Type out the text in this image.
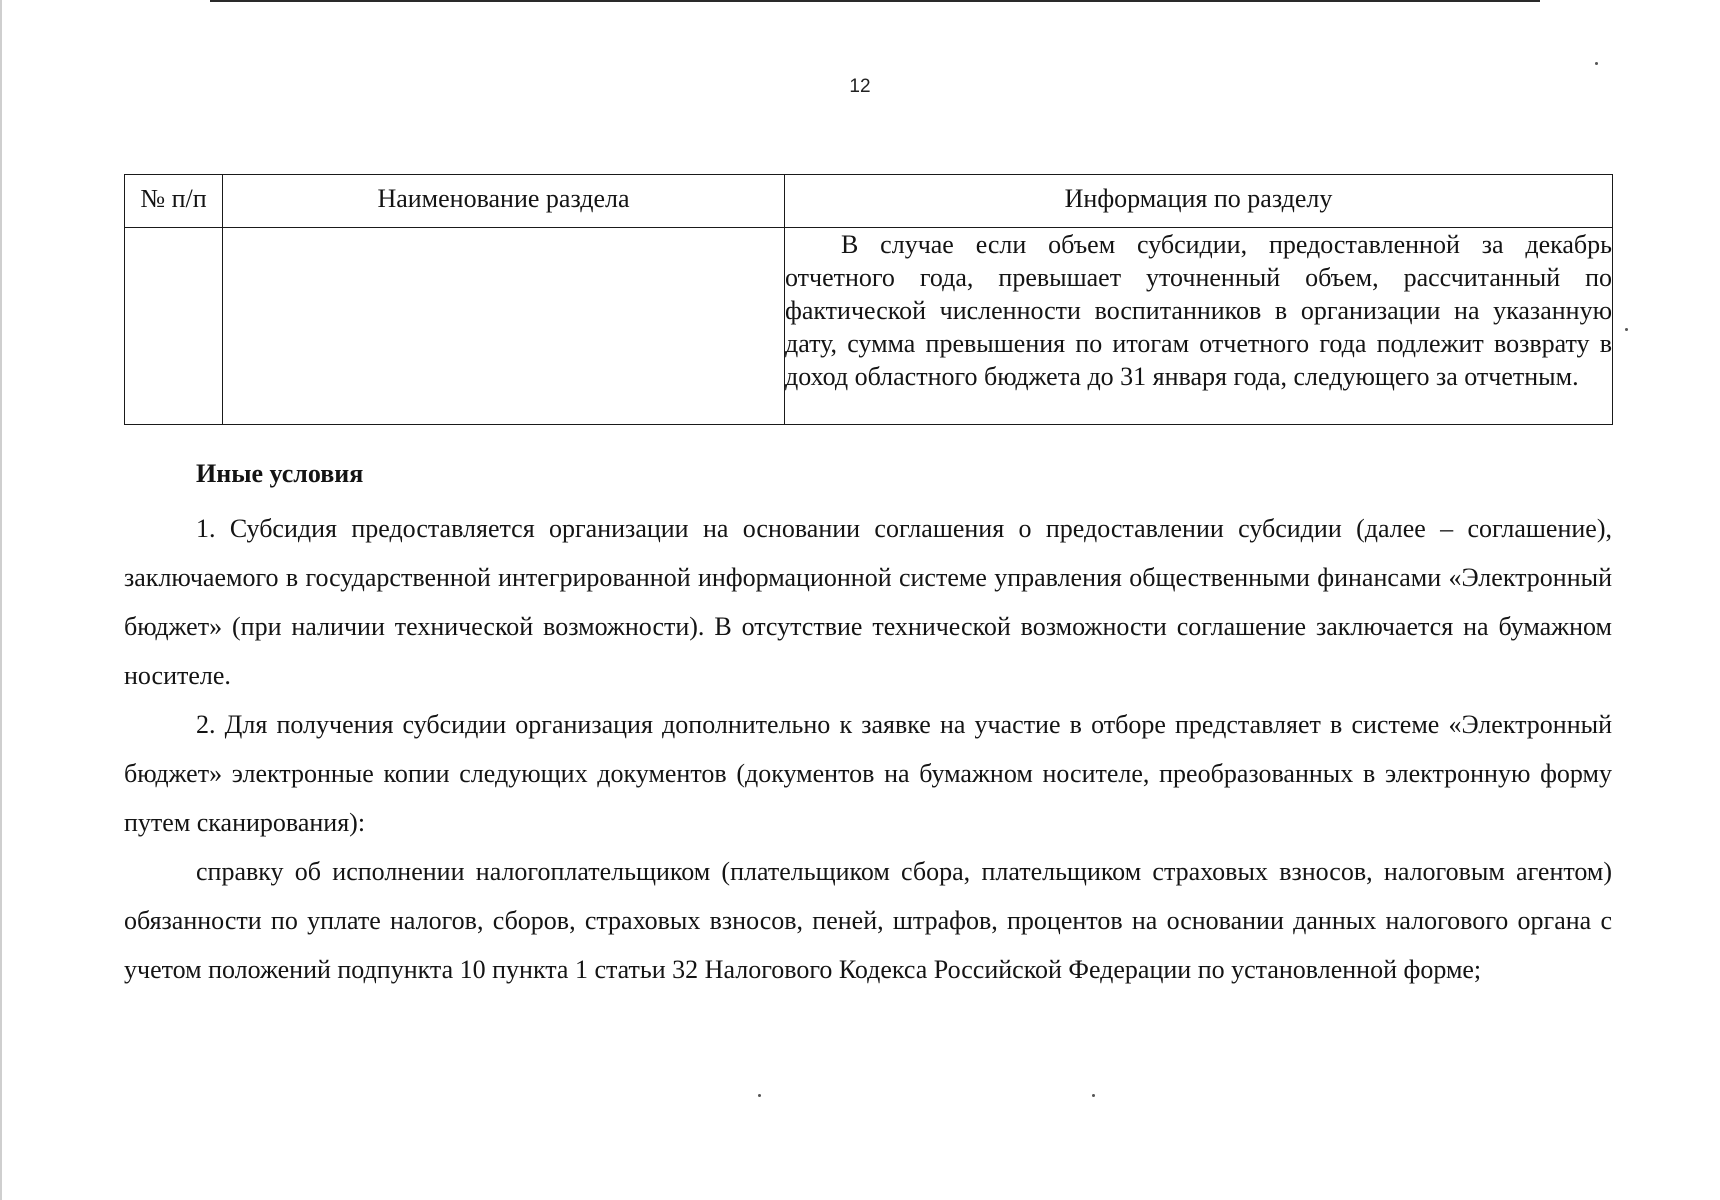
12
№ п/п	Наименование раздела	Информация по разделу
		В случае если объем субсидии, предоставленной за декабрь отчетного года, превышает уточненный объем, рассчитанный по фактической численности воспитанников в организации на указанную дату, сумма превышения по итогам отчетного года подлежит возврату в доход областного бюджета до 31 января года, следующего за отчетным.

Иные условия

1. Субсидия предоставляется организации на основании соглашения о предоставлении субсидии (далее – соглашение), заключаемого в государственной интегрированной информационной системе управления общественными финансами «Электронный бюджет» (при наличии технической возможности). В отсутствие технической возможности соглашение заключается на бумажном носителе.

2. Для получения субсидии организация дополнительно к заявке на участие в отборе представляет в системе «Электронный бюджет» электронные копии следующих документов (документов на бумажном носителе, преобразованных в электронную форму путем сканирования):

справку об исполнении налогоплательщиком (плательщиком сбора, плательщиком страховых взносов, налоговым агентом) обязанности по уплате налогов, сборов, страховых взносов, пеней, штрафов, процентов на основании данных налогового органа с учетом положений подпункта 10 пункта 1 статьи 32 Налогового Кодекса Российской Федерации по установленной форме;
